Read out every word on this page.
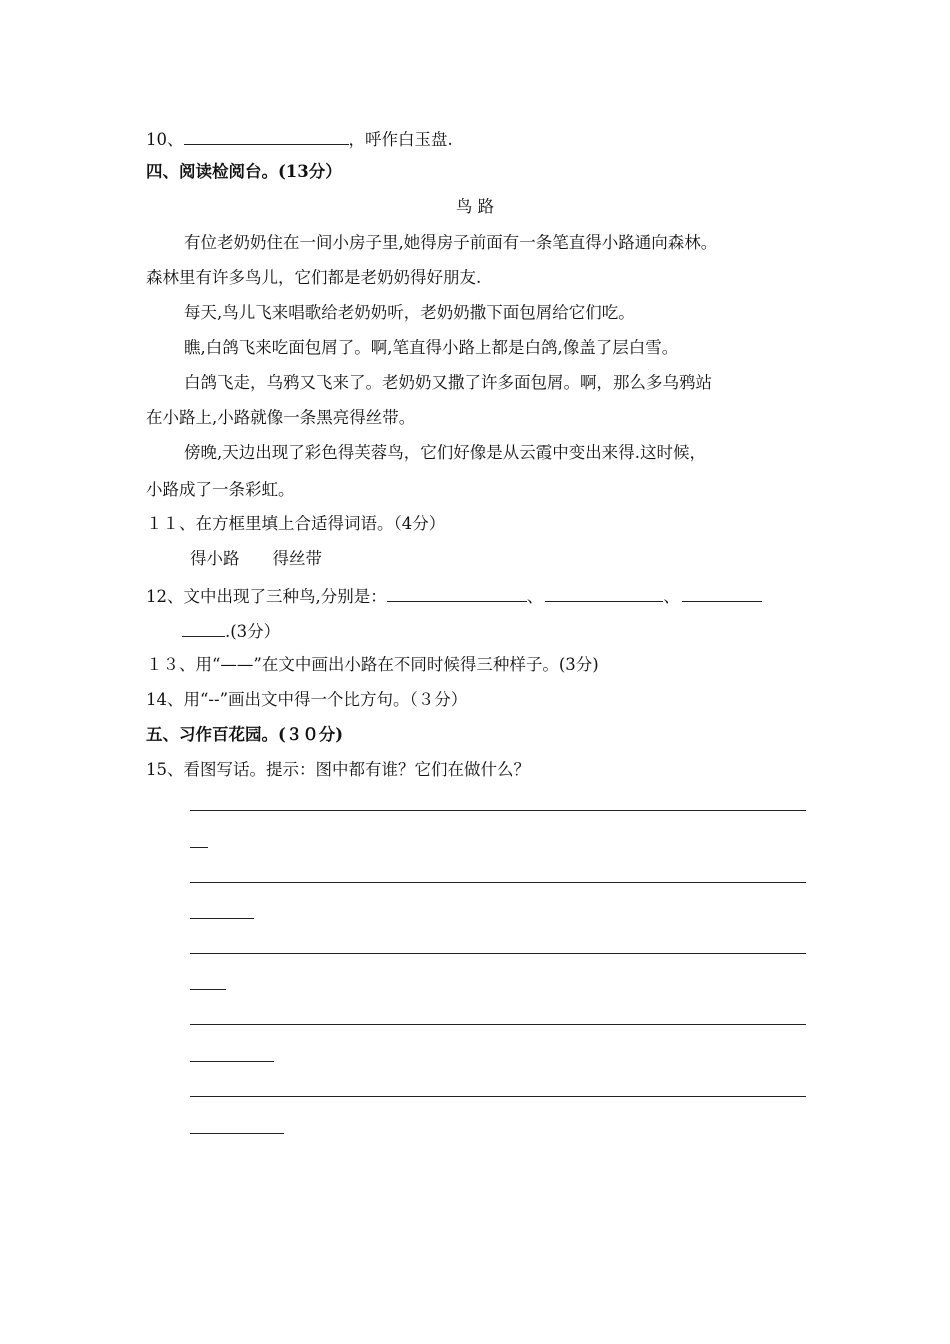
10、	，呼作白玉盘.
四、阅读检阅台。(13分）
鸟 路
有位老奶奶住在一间小房子里,她得房子前面有一条笔直得小路通向森林。
森林里有许多鸟儿，它们都是老奶奶得好朋友.
每天,鸟儿飞来唱歌给老奶奶听，老奶奶撒下面包屑给它们吃。
瞧,白鸽飞来吃面包屑了。啊,笔直得小路上都是白鸽,像盖了层白雪。
白鸽飞走，乌鸦又飞来了。老奶奶又撒了许多面包屑。啊，那么多乌鸦站
在小路上,小路就像一条黑亮得丝带。
傍晚,天边出现了彩色得芙蓉鸟，它们好像是从云霞中变出来得.这时候，
小路成了一条彩虹。
１１、在方框里填上合适得词语。（4分）
得小路　　得丝带
12、文中出现了三种鸟,分别是：	、	、
.(3分）
１３、用“——”在文中画出小路在不同时候得三种样子。(3分)
14、用“--”画出文中得一个比方句。（３分）
五、习作百花园。(３０分)
15、看图写话。提示：图中都有谁？它们在做什么？
